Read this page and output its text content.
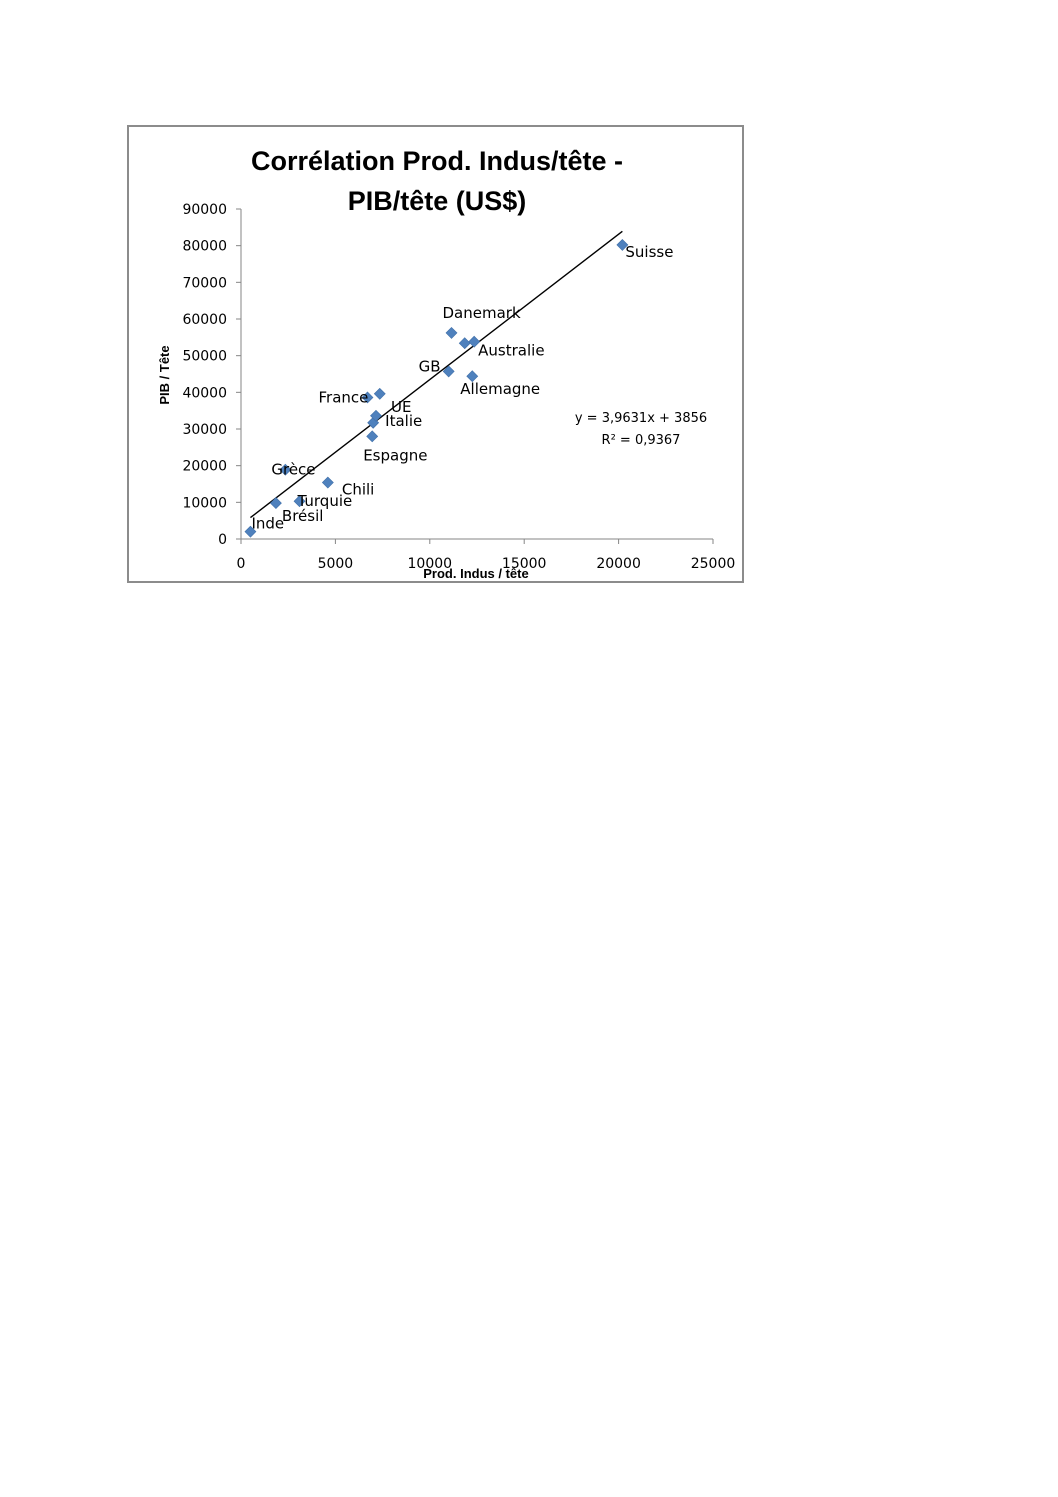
Corrélation Prod. Indus/tête -
PIB/tête (US$)
PIB / Tête
Prod. Indus / tête
0
10000
20000
30000
40000
50000
60000
70000
80000
90000
0	5000	10000	15000	20000	25000
Inde
Brésil
Turquie
Grèce
Chili
Espagne
Italie
UE
France
GB
Allemagne
Australie
Danemark
Suisse
y = 3,9631x + 3856
R² = 0,9367
